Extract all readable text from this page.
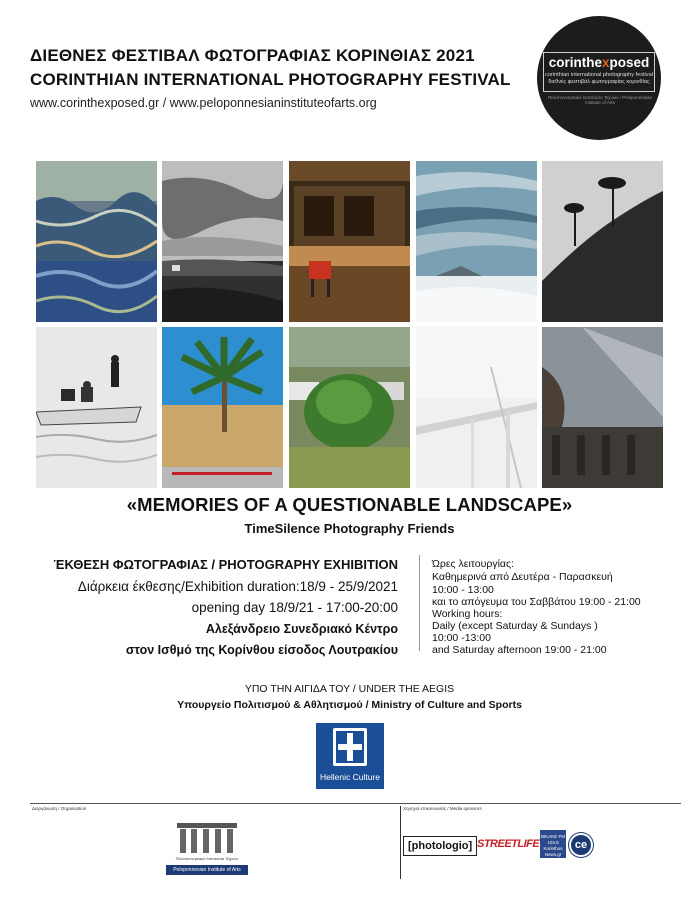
ΔΙΕΘΝΕΣ ΦΕΣΤΙΒΑΛ ΦΩΤΟΓΡΑΦΙΑΣ ΚΟΡΙΝΘΙΑΣ 2021
CORINTHIAN INTERNATIONAL PHOTOGRAPHY FESTIVAL
www.corinthexposed.gr / www.peloponnesianinstituteofarts.org
corinthexposed
corinthian international photography festival
διεθνές φεστιβάλ φωτογραφίας κορινθίας
Πελοποννησιακό Ινστιτούτο Τεχνών / Peloponnesian Institute of Arts
«MEMORIES OF A QUESTIONABLE LANDSCAPE»
TimeSilence Photography Friends
ΈΚΘΕΣΗ ΦΩΤΟΓΡΑΦΙΑΣ / PHOTOGRAPHY EXHIBITION
Διάρκεια έκθεσης/Exhibition duration:18/9 - 25/9/2021
opening day 18/9/21 - 17:00-20:00
Αλεξάνδρειο Συνεδριακό Κέντρο
στον Ισθμό της Κορίνθου είσοδος Λουτρακίου
Ώρες λειτουργίας:
Καθημερινά από Δευτέρα - Παρασκευή
10:00 - 13:00
και το απόγευμα του Σαββάτου 19:00 - 21:00
Working hours:
Daily (except Saturday & Sundays )
10:00 -13:00
and Saturday afternoon 19:00 - 21:00
ΥΠΟ ΤΗΝ ΑΙΓΙΔΑ ΤΟΥ / UNDER THE AEGIS
Υπουργείο Πολιτισμού & Αθλητισμού / Ministry of Culture and Sports
Hellenic Culture
Διοργάνωση / Organisation	Χορηγοί επικοινωνίας / Media sponsors
Πελοποννησιακό Ινστιτούτο Τεχνών
Peloponnesian Institute of Arts
[photologio] STREETLIFE
ΒΙΚΑΚΕ FM 103.8 Korinthos News.gr
ce
